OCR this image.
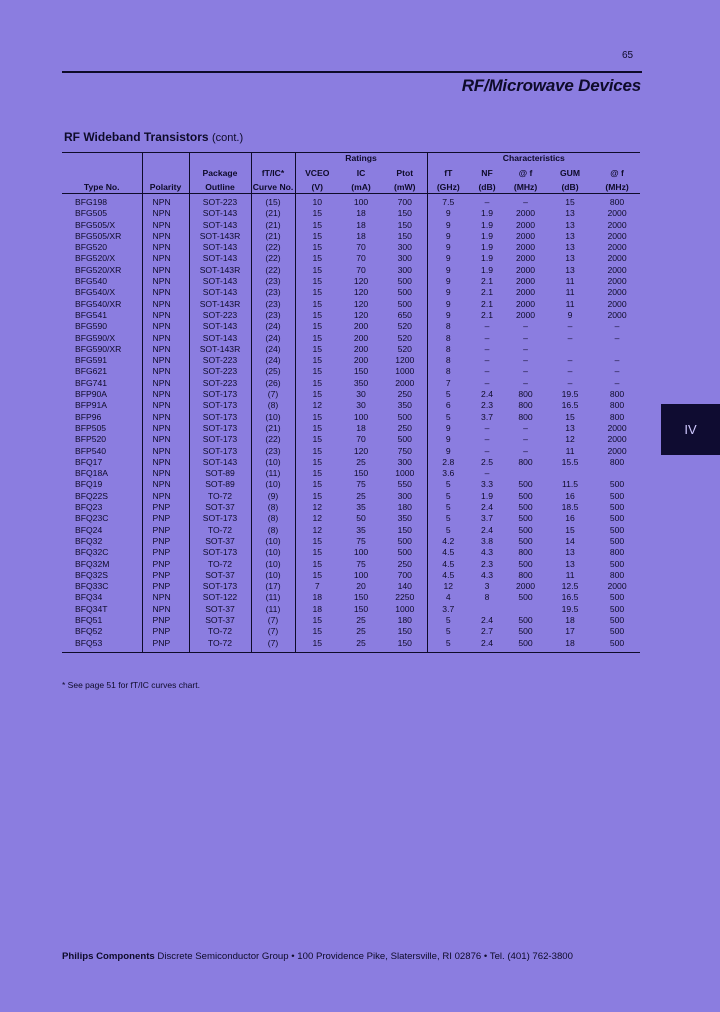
65
RF/Microwave Devices
RF Wideband Transistors (cont.)
			fT/IC*	Ratings			Characteristics				
		Package		VCEO	IC	Ptot	fT	NF	@ f	GUM	@ f
Type No.	Polarity	Outline	Curve No.	(V)	(mA)	(mW)	(GHz)	(dB)	(MHz)	(dB)	(MHz)
BFG198	NPN	SOT-223	(15)	10	100	700	7.5	–	–	15	800
BFG505	NPN	SOT-143	(21)	15	18	150	9	1.9	2000	13	2000
BFG505/X	NPN	SOT-143	(21)	15	18	150	9	1.9	2000	13	2000
BFG505/XR	NPN	SOT-143R	(21)	15	18	150	9	1.9	2000	13	2000
BFG520	NPN	SOT-143	(22)	15	70	300	9	1.9	2000	13	2000
BFG520/X	NPN	SOT-143	(22)	15	70	300	9	1.9	2000	13	2000
BFG520/XR	NPN	SOT-143R	(22)	15	70	300	9	1.9	2000	13	2000
BFG540	NPN	SOT-143	(23)	15	120	500	9	2.1	2000	11	2000
BFG540/X	NPN	SOT-143	(23)	15	120	500	9	2.1	2000	11	2000
BFG540/XR	NPN	SOT-143R	(23)	15	120	500	9	2.1	2000	11	2000
BFG541	NPN	SOT-223	(23)	15	120	650	9	2.1	2000	9	2000
BFG590	NPN	SOT-143	(24)	15	200	520	8	–	–	–	–
BFG590/X	NPN	SOT-143	(24)	15	200	520	8	–	–	–	–
BFG590/XR	NPN	SOT-143R	(24)	15	200	520	8	–	–		
BFG591	NPN	SOT-223	(24)	15	200	1200	8	–	–	–	–
BFG621	NPN	SOT-223	(25)	15	150	1000	8	–	–	–	–
BFG741	NPN	SOT-223	(26)	15	350	2000	7	–	–	–	–
BFP90A	NPN	SOT-173	(7)	15	30	250	5	2.4	800	19.5	800
BFP91A	NPN	SOT-173	(8)	12	30	350	6	2.3	800	16.5	800
BFP96	NPN	SOT-173	(10)	15	100	500	5	3.7	800	15	800
BFP505	NPN	SOT-173	(21)	15	18	250	9	–	–	13	2000
BFP520	NPN	SOT-173	(22)	15	70	500	9	–	–	12	2000
BFP540	NPN	SOT-173	(23)	15	120	750	9	–	–	11	2000
BFQ17	NPN	SOT-143	(10)	15	25	300	2.8	2.5	800	15.5	800
BFQ18A	NPN	SOT-89	(11)	15	150	1000	3.6	–			
BFQ19	NPN	SOT-89	(10)	15	75	550	5	3.3	500	11.5	500
BFQ22S	NPN	TO-72	(9)	15	25	300	5	1.9	500	16	500
BFQ23	PNP	SOT-37	(8)	12	35	180	5	2.4	500	18.5	500
BFQ23C	PNP	SOT-173	(8)	12	50	350	5	3.7	500	16	500
BFQ24	PNP	TO-72	(8)	12	35	150	5	2.4	500	15	500
BFQ32	PNP	SOT-37	(10)	15	75	500	4.2	3.8	500	14	500
BFQ32C	PNP	SOT-173	(10)	15	100	500	4.5	4.3	800	13	800
BFQ32M	PNP	TO-72	(10)	15	75	250	4.5	2.3	500	13	500
BFQ32S	PNP	SOT-37	(10)	15	100	700	4.5	4.3	800	11	800
BFQ33C	PNP	SOT-173	(17)	7	20	140	12	3	2000	12.5	2000
BFQ34	NPN	SOT-122	(11)	18	150	2250	4	8	500	16.5	500
BFQ34T	NPN	SOT-37	(11)	18	150	1000	3.7			19.5	500
BFQ51	PNP	SOT-37	(7)	15	25	180	5	2.4	500	18	500
BFQ52	PNP	TO-72	(7)	15	25	150	5	2.7	500	17	500
BFQ53	PNP	TO-72	(7)	15	25	150	5	2.4	500	18	500
* See page 51 for fT/IC curves chart.
IV
Philips Components Discrete Semiconductor Group • 100 Providence Pike, Slatersville, RI 02876 • Tel. (401) 762-3800
